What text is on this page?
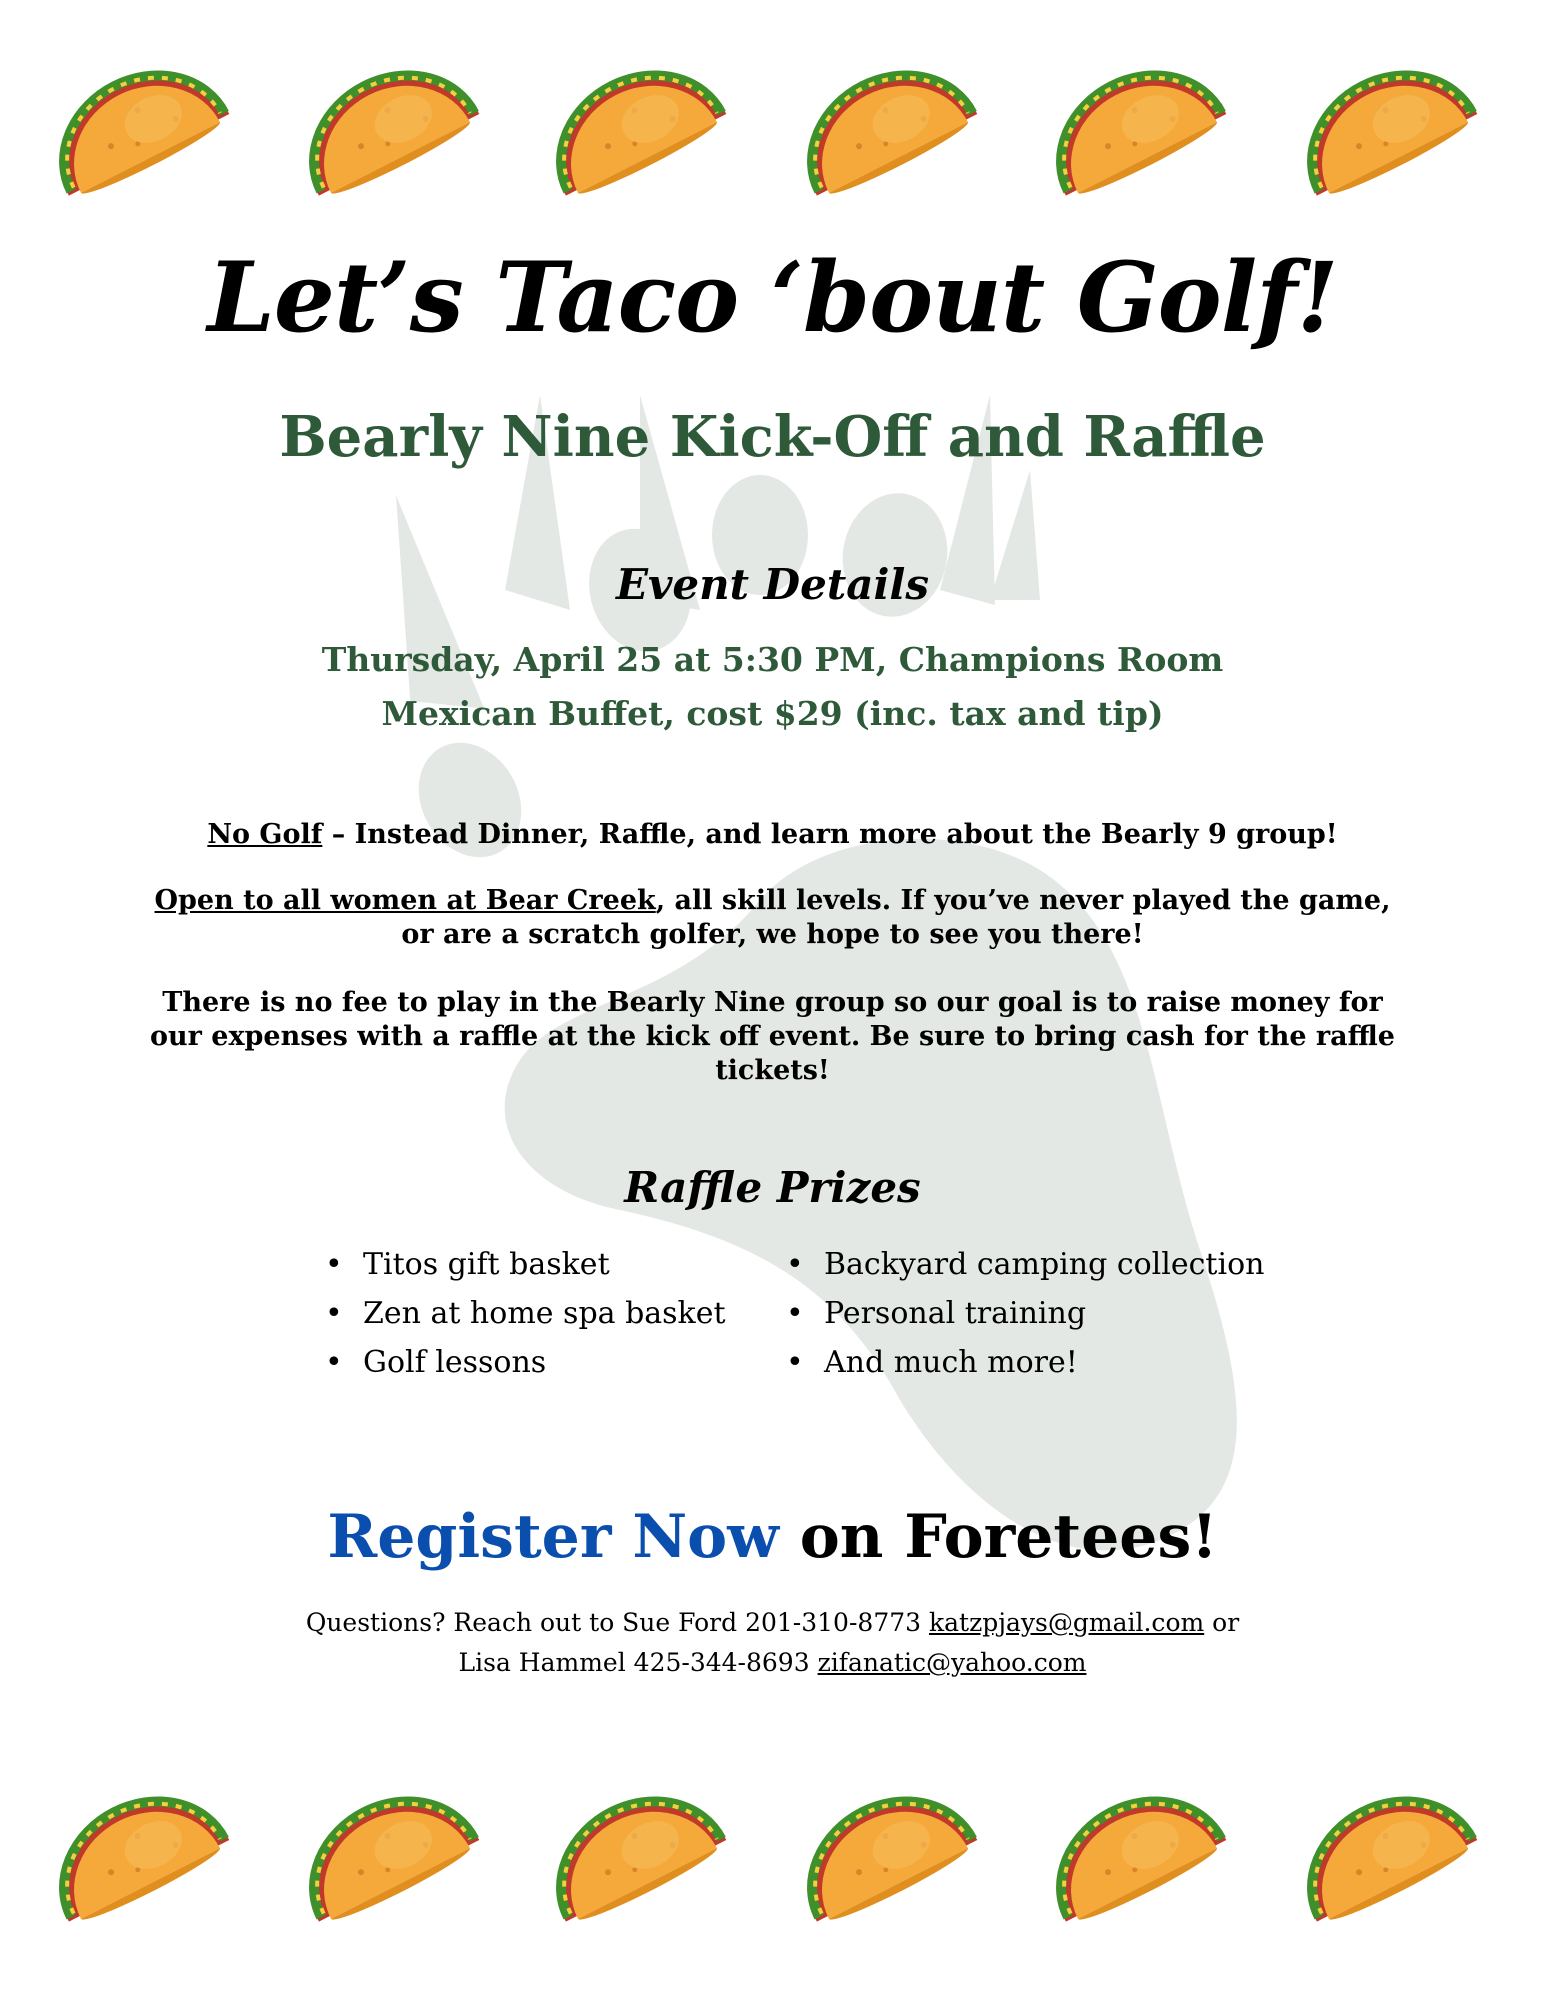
Let’s Taco ‘bout Golf!
Bearly Nine Kick-Off and Raffle
Event Details

Thursday, April 25 at 5:30 PM, Champions Room

Mexican Buffet, cost $29 (inc. tax and tip)

No Golf – Instead Dinner, Raffle, and learn more about the Bearly 9 group!

Open to all women at Bear Creek, all skill levels. If you’ve never played the game, or are a scratch golfer, we hope to see you there!

There is no fee to play in the Bearly Nine group so our goal is to raise money for our expenses with a raffle at the kick off event. Be sure to bring cash for the raffle tickets!

Raffle Prizes
• Titos gift basket
• Zen at home spa basket
• Golf lessons
• Backyard camping collection
• Personal training
• And much more!
Register Now on Foretees!

Questions? Reach out to Sue Ford 201-310-8773 katzpjays@gmail.com or

Lisa Hammel 425-344-8693 zifanatic@yahoo.com
